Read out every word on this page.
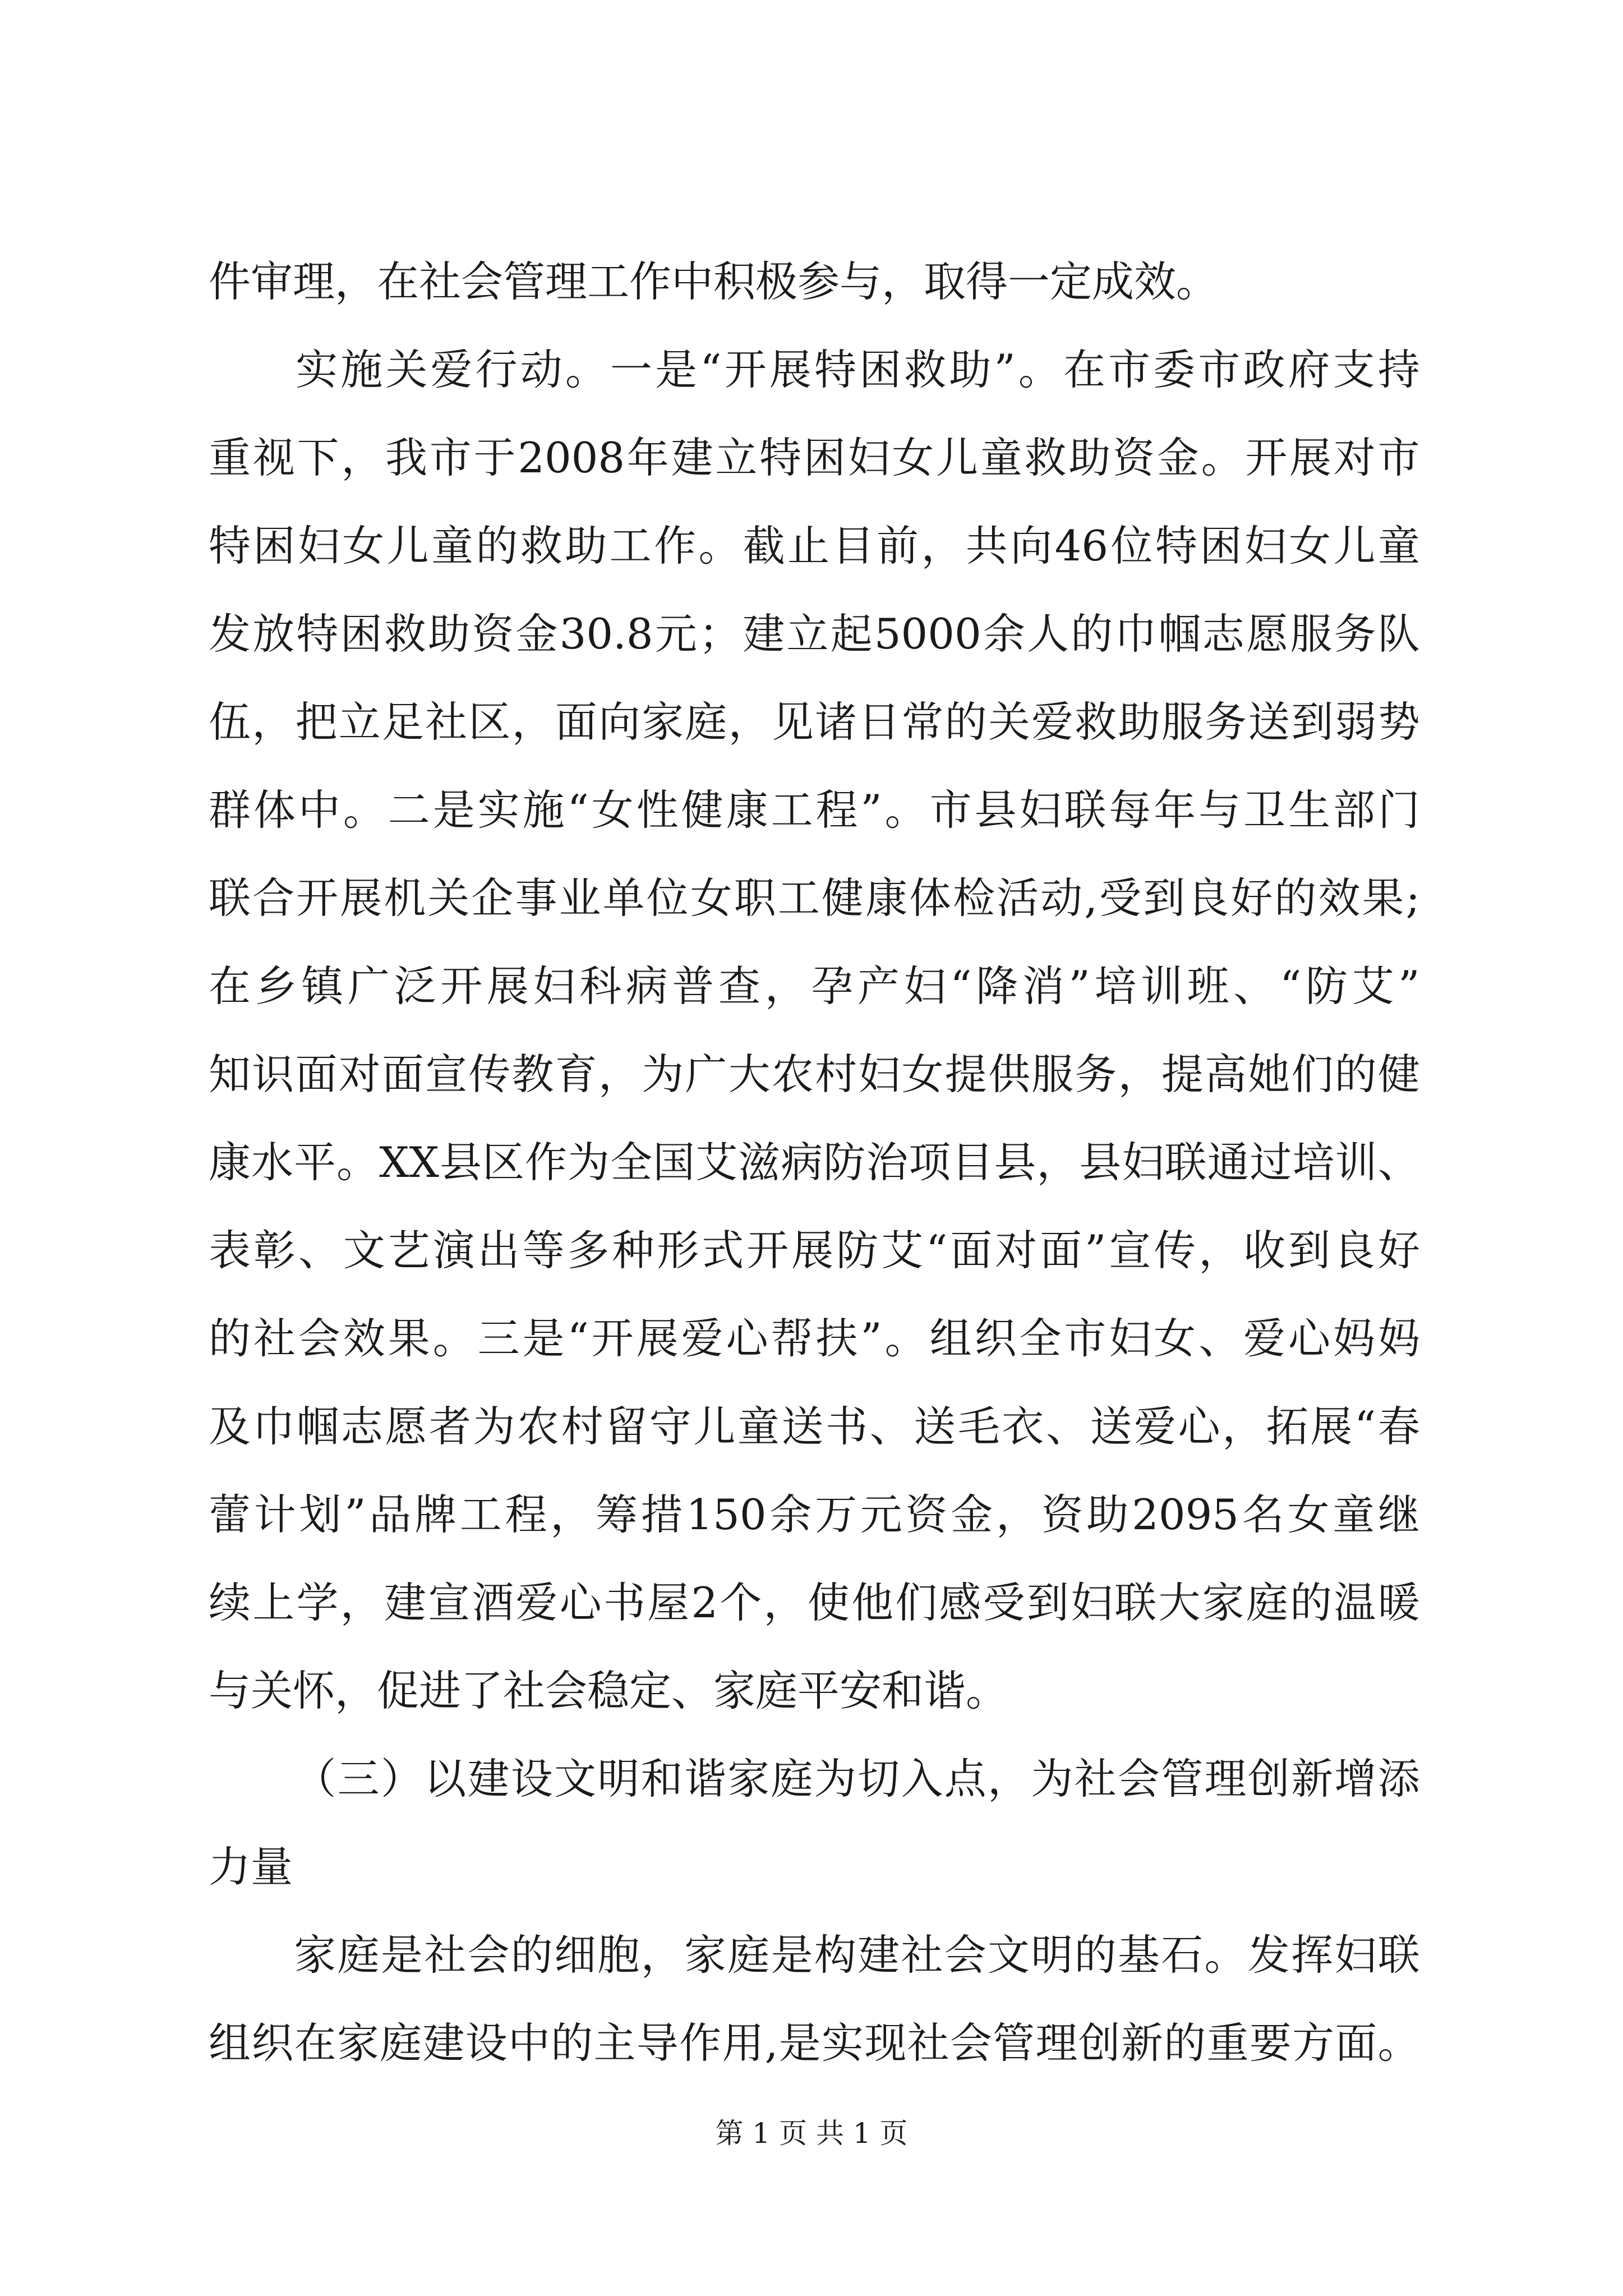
件审理，在社会管理工作中积极参与，取得一定成效。

实 施 关 爱 行 动 。 一 是 “ 开 展 特 困 救 助 ” 。 在 市 委 市 政 府 支 持
重 视 下 ， 我 市 于 2008 年 建 立 特 困 妇 女 儿 童 救 助 资 金 。 开 展 对 市
特 困 妇 女 儿 童 的 救 助 工 作 。 截 止 目 前 ， 共 向 46 位 特 困 妇 女 儿 童
发 放 特 困 救 助 资 金 30.8 元 ； 建 立 起 5000 余 人 的 巾 帼 志 愿 服 务 队
伍 ， 把 立 足 社 区 ， 面 向 家 庭 ， 见 诸 日 常 的 关 爱 救 助 服 务 送 到 弱 势
群 体 中 。 二 是 实 施 “ 女 性 健 康 工 程 ” 。 市 县 妇 联 每 年 与 卫 生 部 门
联 合 开 展 机 关 企 事 业 单 位 女 职 工 健 康 体 检 活 动 , 受 到 良 好 的 效 果 ;
在 乡 镇 广 泛 开 展 妇 科 病 普 查 ， 孕 产 妇 “ 降 消 ” 培 训 班 、 “ 防 艾 ”
知 识 面 对 面 宣 传 教 育 ， 为 广 大 农 村 妇 女 提 供 服 务 ， 提 高 她 们 的 健
康 水 平 。 XX 县 区 作 为 全 国 艾 滋 病 防 治 项 目 县 ， 县 妇 联 通 过 培 训 、
表 彰 、 文 艺 演 出 等 多 种 形 式 开 展 防 艾 “ 面 对 面 ” 宣 传 ， 收 到 良 好
的 社 会 效 果 。 三 是 “ 开 展 爱 心 帮 扶 ” 。 组 织 全 市 妇 女 、 爱 心 妈 妈
及 巾 帼 志 愿 者 为 农 村 留 守 儿 童 送 书 、 送 毛 衣 、 送 爱 心 ， 拓 展 “ 春
蕾 计 划 ” 品 牌 工 程 ， 筹 措 150 余 万 元 资 金 ， 资 助 2095 名 女 童 继
续 上 学 ， 建 宣 酒 爱 心 书 屋 2 个 ， 使 他 们 感 受 到 妇 联 大 家 庭 的 温 暖
与关怀，促进了社会稳定、家庭平安和谐。

（ 三 ） 以 建 设 文 明 和 谐 家 庭 为 切 入 点 ， 为 社 会 管 理 创 新 增 添
力量

家 庭 是 社 会 的 细 胞 ， 家 庭 是 构 建 社 会 文 明 的 基 石 。 发 挥 妇 联
组 织 在 家 庭 建 设 中 的 主 导 作 用 , 是 实 现 社 会 管 理 创 新 的 重 要 方 面 。
第 1 页 共 1 页
